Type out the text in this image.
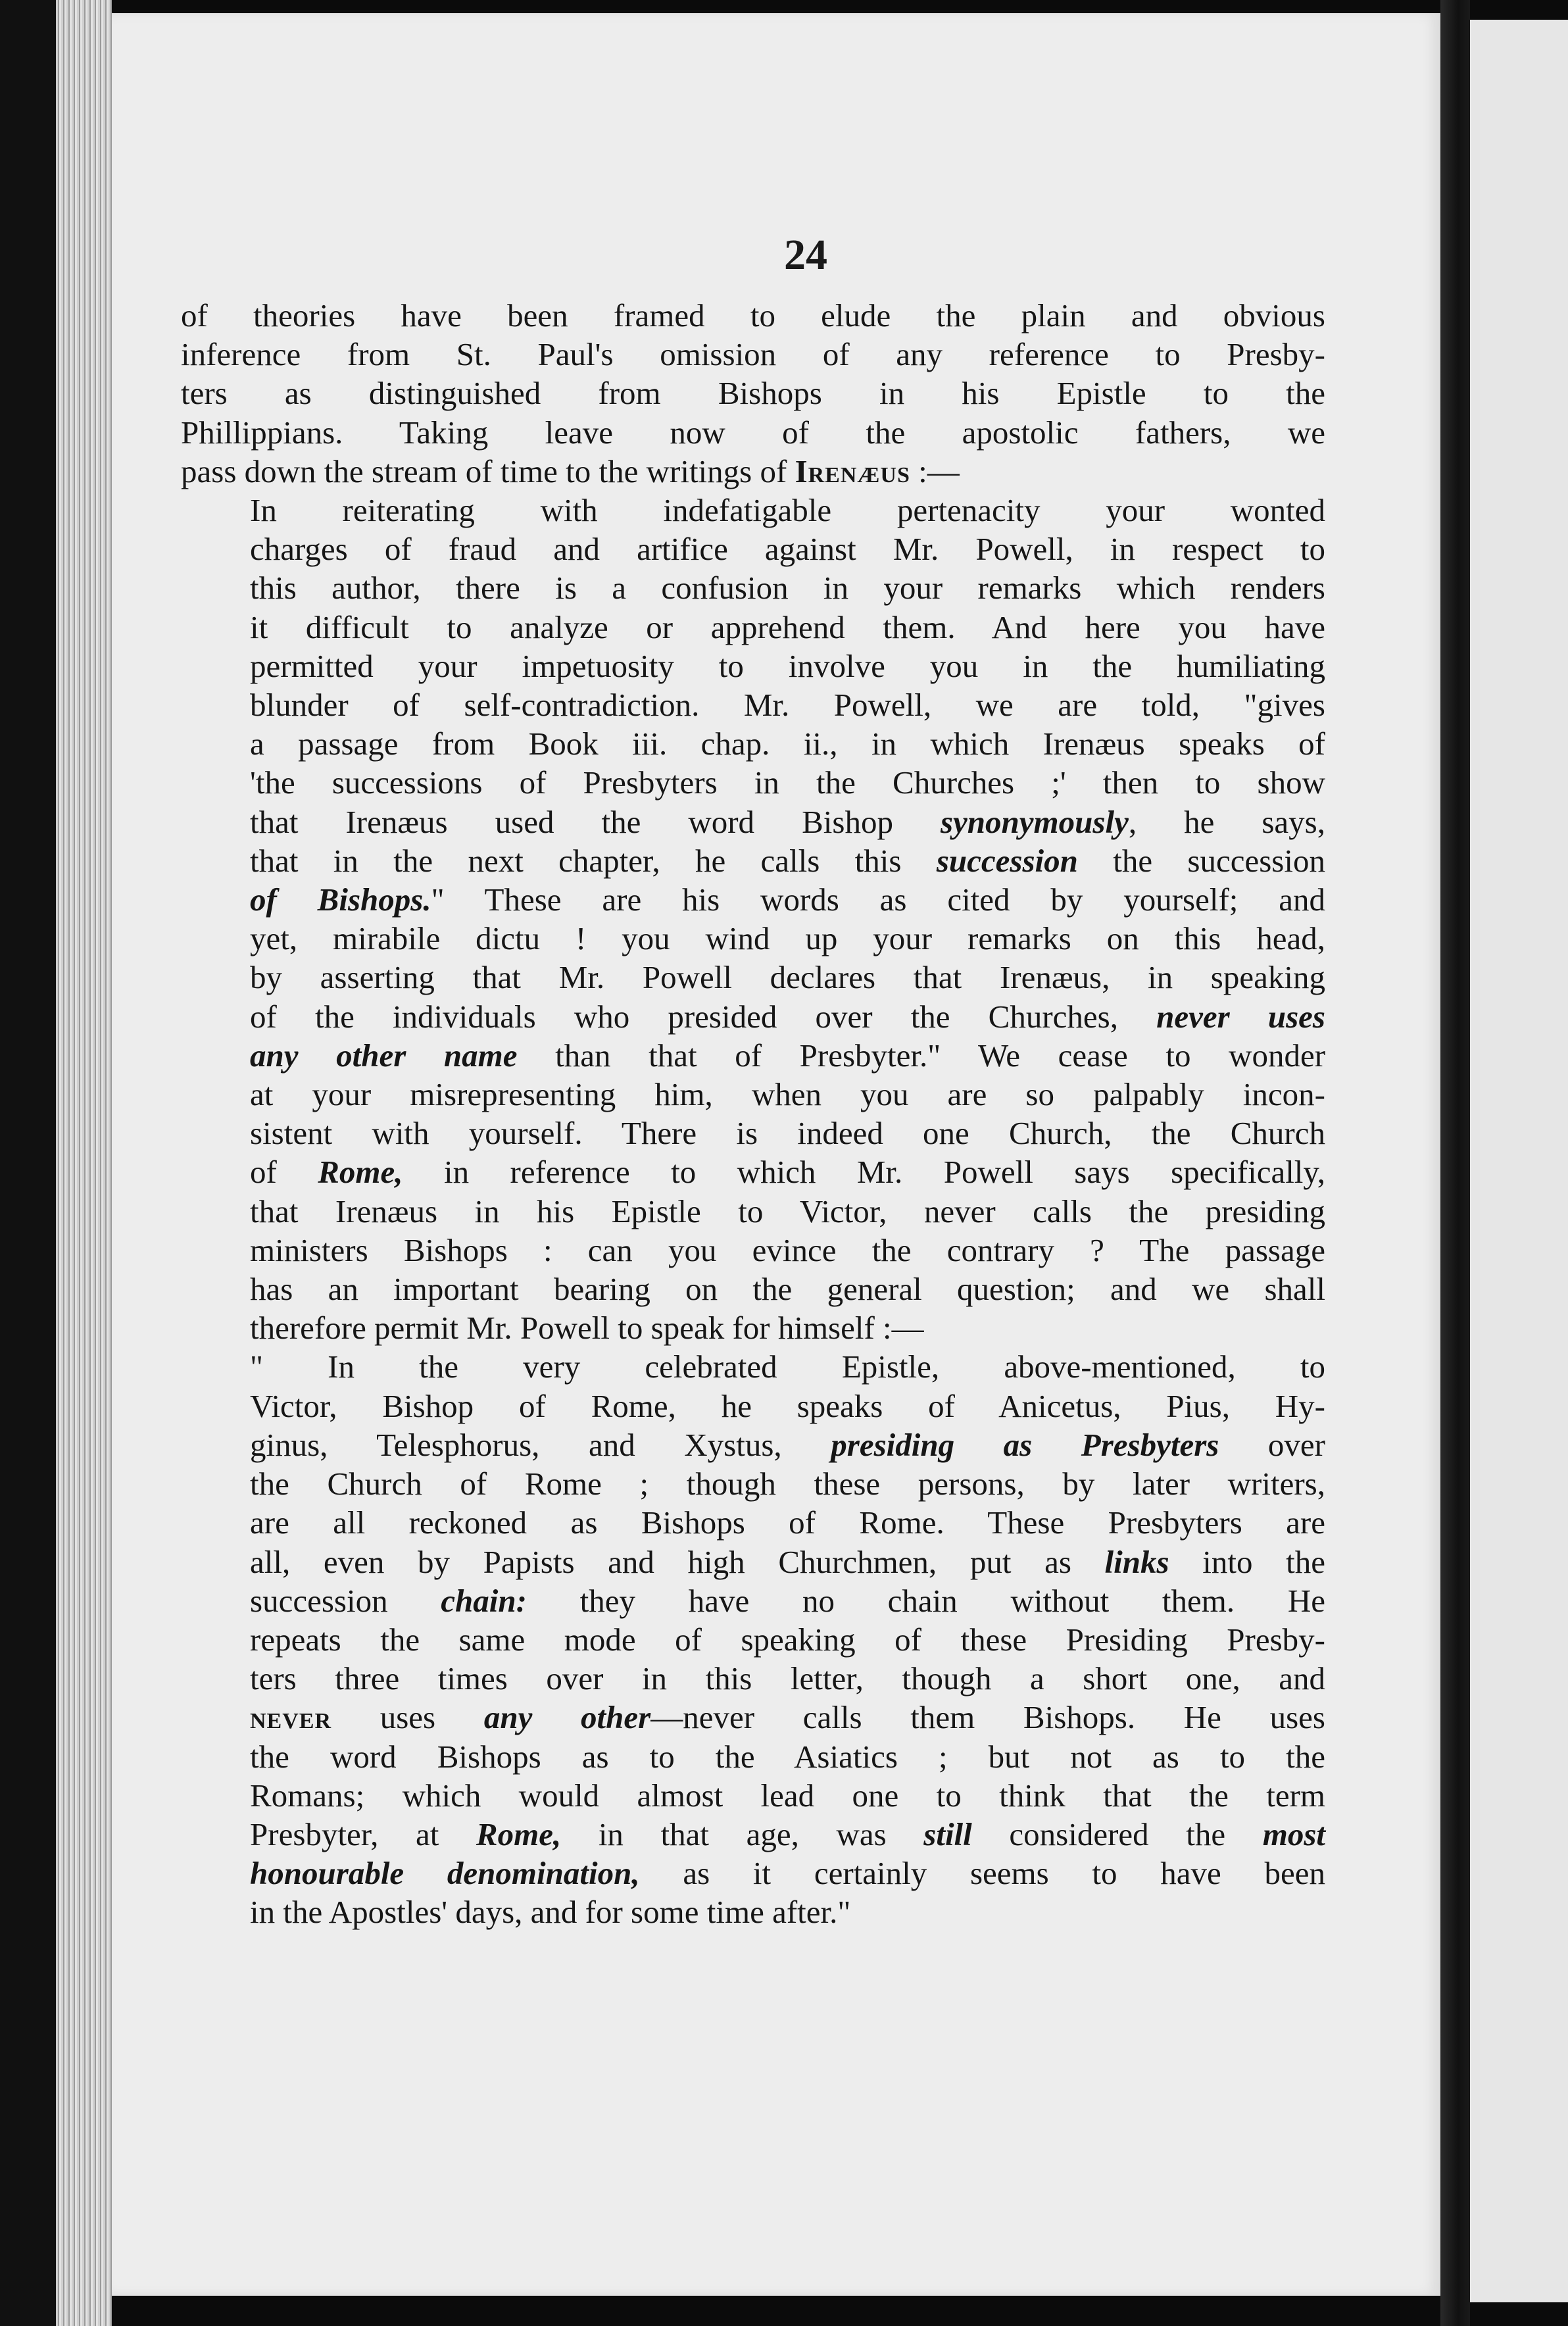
24

of theories have been framed to elude the plain and obvious
inference from St. Paul's omission of any reference to Presby-
ters as distinguished from Bishops in his Epistle to the
Phillippians. Taking leave now of the apostolic fathers, we
pass down the stream of time to the writings of Irenæus :—

In reiterating with indefatigable pertenacity your wonted
charges of fraud and artifice against Mr. Powell, in respect to
this author, there is a confusion in your remarks which renders
it difficult to analyze or apprehend them. And here you have
permitted your impetuosity to involve you in the humiliating
blunder of self-contradiction. Mr. Powell, we are told, "gives
a passage from Book iii. chap. ii., in which Irenæus speaks of
'the successions of Presbyters in the Churches ;' then to show
that Irenæus used the word Bishop synonymously, he says,
that in the next chapter, he calls this succession the succession
of Bishops." These are his words as cited by yourself; and
yet, mirabile dictu ! you wind up your remarks on this head,
by asserting that Mr. Powell declares that Irenæus, in speaking
of the individuals who presided over the Churches, never uses
any other name than that of Presbyter." We cease to wonder
at your misrepresenting him, when you are so palpably incon-
sistent with yourself. There is indeed one Church, the Church
of Rome, in reference to which Mr. Powell says specifically,
that Irenæus in his Epistle to Victor, never calls the presiding
ministers Bishops : can you evince the contrary ? The passage
has an important bearing on the general question; and we shall
therefore permit Mr. Powell to speak for himself :—

" In the very celebrated Epistle, above-mentioned, to
Victor, Bishop of Rome, he speaks of Anicetus, Pius, Hy-
ginus, Telesphorus, and Xystus, presiding as Presbyters over
the Church of Rome ; though these persons, by later writers,
are all reckoned as Bishops of Rome. These Presbyters are
all, even by Papists and high Churchmen, put as links into the
succession chain: they have no chain without them. He
repeats the same mode of speaking of these Presiding Presby-
ters three times over in this letter, though a short one, and
never uses any other—never calls them Bishops. He uses
the word Bishops as to the Asiatics ; but not as to the
Romans; which would almost lead one to think that the term
Presbyter, at Rome, in that age, was still considered the most
honourable denomination, as it certainly seems to have been
in the Apostles' days, and for some time after."
